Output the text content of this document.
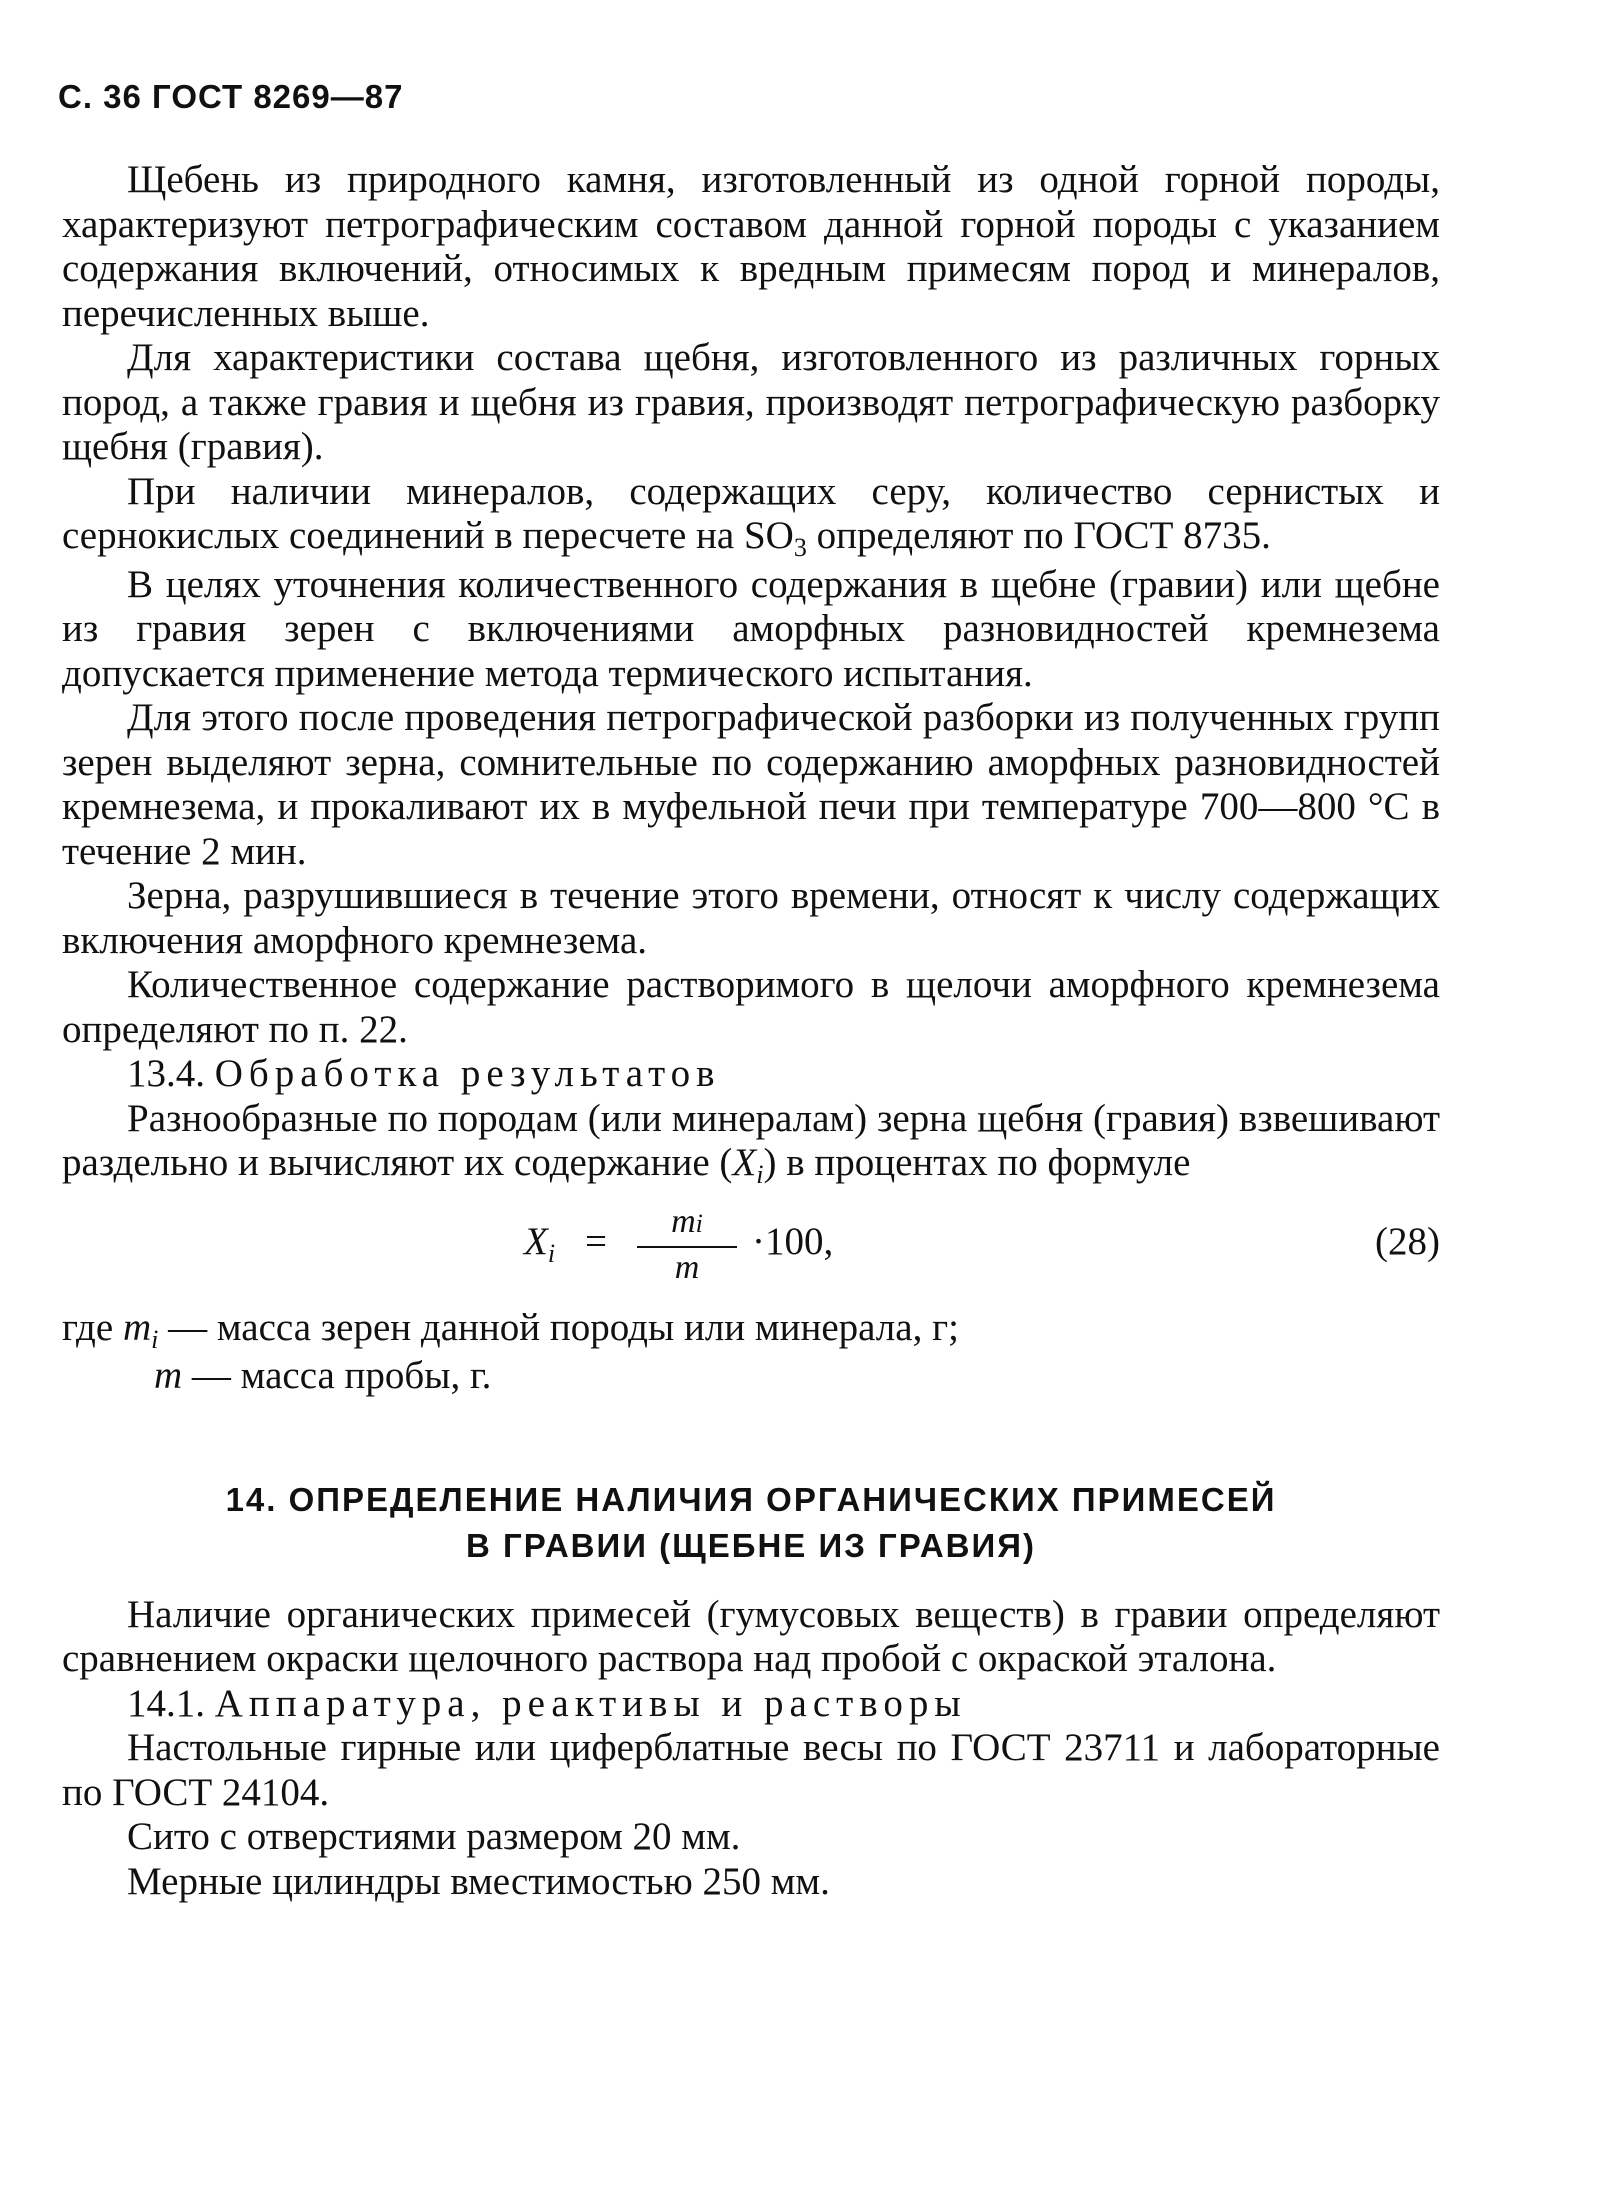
С. 36 ГОСТ 8269—87

Щебень из природного камня, изготовленный из одной горной породы, характеризуют петрографическим составом данной горной породы с указанием содержания включений, относимых к вредным примесям пород и минералов, перечисленных выше.

Для характеристики состава щебня, изготовленного из различных горных пород, а также гравия и щебня из гравия, производят петрографическую разборку щебня (гравия).

При наличии минералов, содержащих серу, количество сернистых и сернокислых соединений в пересчете на $SO_3$ определяют по ГОСТ 8735.

В целях уточнения количественного содержания в щебне (гравии) или щебне из гравия зерен с включениями аморфных разновидностей кремнезема допускается применение метода термического испытания.

Для этого после проведения петрографической разборки из полученных групп зерен выделяют зерна, сомнительные по содержанию аморфных разновидностей кремнезема, и прокаливают их в муфельной печи при температуре 700—800 °С в течение 2 мин.

Зерна, разрушившиеся в течение этого времени, относят к числу содержащих включения аморфного кремнезема.

Количественное содержание растворимого в щелочи аморфного кремнезема определяют по п. 22.

13.4. Обработка результатов

Разнообразные по породам (или минералам) зерна щебня (гравия) взвешивают раздельно и вычисляют их содержание $(X_i)$ в процентах по формуле

$X_i$ =	mi
m
·100,	(28)
где $m_i$ — масса зерен данной породы или минерала, г;
m — масса пробы, г.
14. ОПРЕДЕЛЕНИЕ НАЛИЧИЯ ОРГАНИЧЕСКИХ ПРИМЕСЕЙ
В ГРАВИИ (ЩЕБНЕ ИЗ ГРАВИЯ)

Наличие органических примесей (гумусовых веществ) в гравии определяют сравнением окраски щелочного раствора над пробой с окраской эталона.

14.1. Аппаратура, реактивы и растворы

Настольные гирные или циферблатные весы по ГОСТ 23711 и лабораторные по ГОСТ 24104.

Сито с отверстиями размером 20 мм.

Мерные цилиндры вместимостью 250 мм.
